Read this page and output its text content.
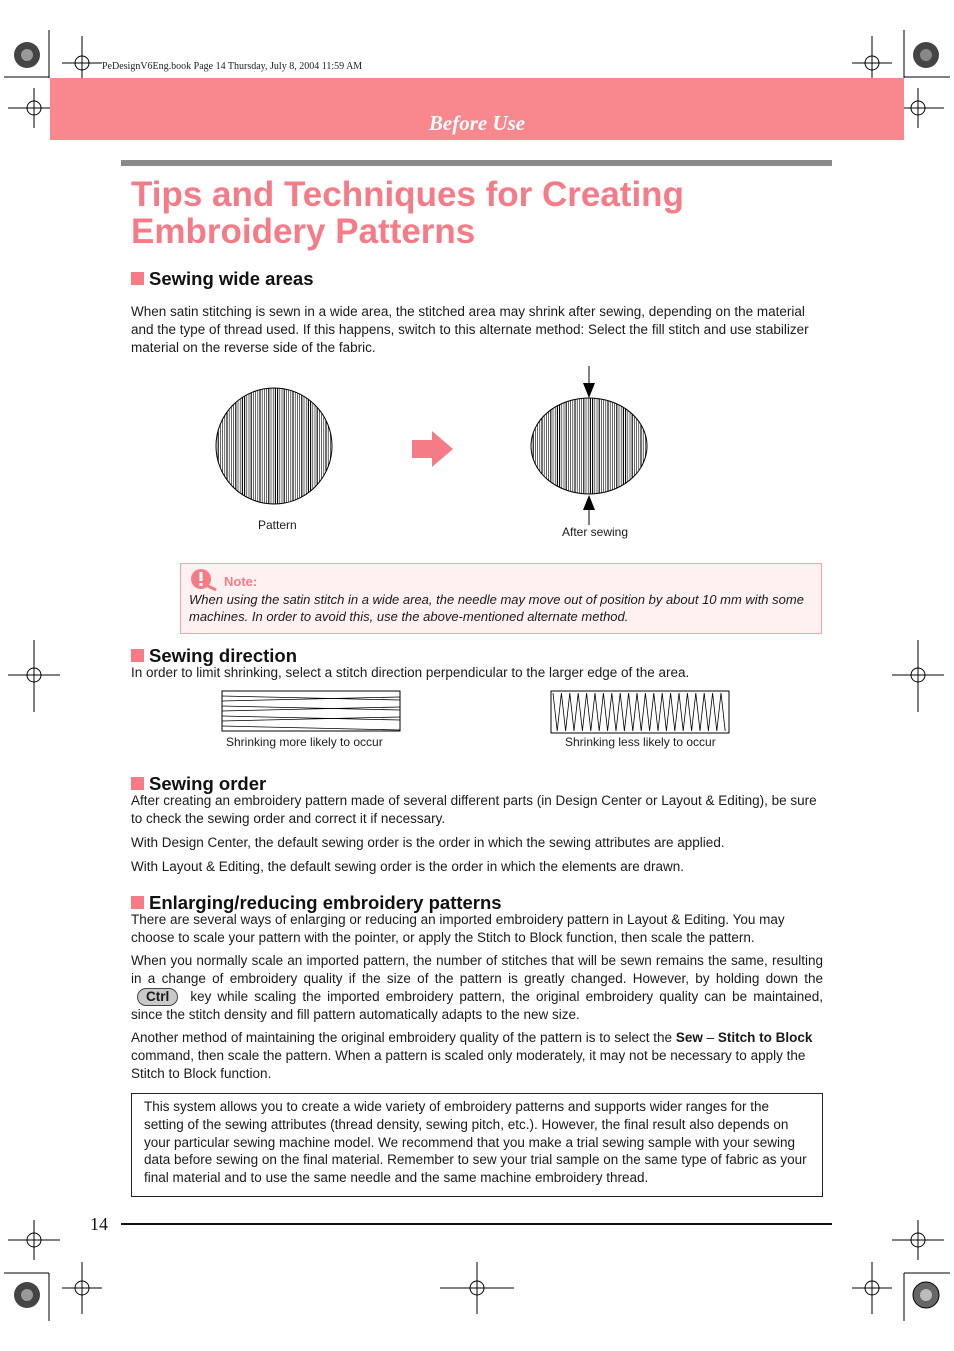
PeDesignV6Eng.book Page 14 Thursday, July 8, 2004 11:59 AM
Before Use
Tips and Techniques for Creating Embroidery Patterns
Sewing wide areas

When satin stitching is sewn in a wide area, the stitched area may shrink after sewing, depending on the material and the type of thread used. If this happens, switch to this alternate method: Select the fill stitch and use stabilizer material on the reverse side of the fabric.

Pattern	After sewing
Note:
When using the satin stitch in a wide area, the needle may move out of position by about 10 mm with some machines. In order to avoid this, use the above-mentioned alternate method.
Sewing direction

In order to limit shrinking, select a stitch direction perpendicular to the larger edge of the area.

Shrinking more likely to occur	Shrinking less likely to occur
Sewing order

After creating an embroidery pattern made of several different parts (in Design Center or Layout & Editing), be sure to check the sewing order and correct it if necessary.

With Design Center, the default sewing order is the order in which the sewing attributes are applied.

With Layout & Editing, the default sewing order is the order in which the elements are drawn.

Enlarging/reducing embroidery patterns

There are several ways of enlarging or reducing an imported embroidery pattern in Layout & Editing. You may choose to scale your pattern with the pointer, or apply the Stitch to Block function, then scale the pattern.

When you normally scale an imported pattern, the number of stitches that will be sewn remains the same, resulting in a change of embroidery quality if the size of the pattern is greatly changed. However, by holding down the Ctrl key while scaling the imported embroidery pattern, the original embroidery quality can be maintained, since the stitch density and fill pattern automatically adapts to the new size.

Another method of maintaining the original embroidery quality of the pattern is to select the Sew – Stitch to Block command, then scale the pattern. When a pattern is scaled only moderately, it may not be necessary to apply the Stitch to Block function.

This system allows you to create a wide variety of embroidery patterns and supports wider ranges for the setting of the sewing attributes (thread density, sewing pitch, etc.). However, the final result also depends on your particular sewing machine model. We recommend that you make a trial sewing sample with your sewing data before sewing on the final material. Remember to sew your trial sample on the same type of fabric as your final material and to use the same needle and the same machine embroidery thread.
14
